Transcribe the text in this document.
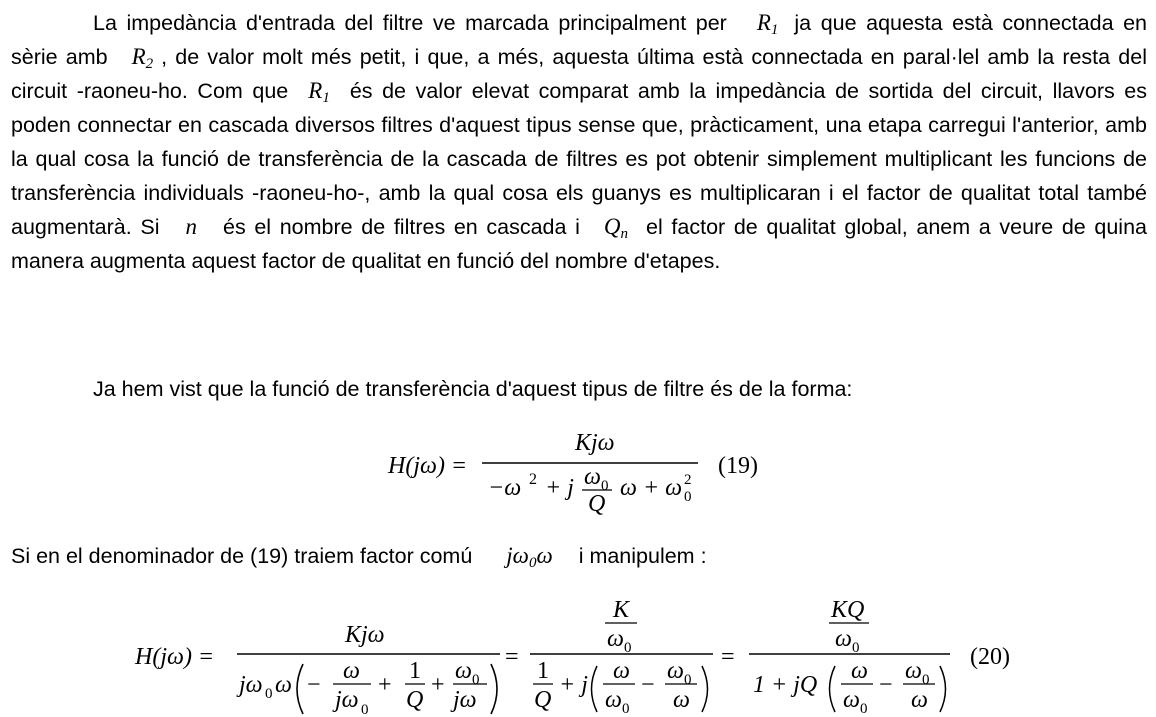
La impedància d'entrada del filtre ve marcada principalment per $R_1$ ja que aquesta està connectada en sèrie amb $R_2$ , de valor molt més petit, i que, a més, aquesta última està connectada en paral·lel amb la resta del circuit -raoneu-ho. Com que $R_1$ és de valor elevat comparat amb la impedància de sortida del circuit, llavors es poden connectar en cascada diversos filtres d'aquest tipus sense que, pràcticament, una etapa carregui l'anterior, amb la qual cosa la funció de transferència de la cascada de filtres es pot obtenir simplement multiplicant les funcions de transferència individuals -raoneu-ho-, amb la qual cosa els guanys es multiplicaran i el factor de qualitat total també augmentarà. Si n és el nombre de filtres en cascada i $Q_n$ el factor de qualitat global, anem a veure de quina manera augmenta aquest factor de qualitat en funció del nombre d'etapes.
Ja hem vist que la funció de transferència d'aquest tipus de filtre és de la forma:
H(jω) =
Kjω
−ω 2 + j ω 0
Q
ω + ω 0
2
(19)
Si en el denominador de (19) traiem factor comú $j\omega_0\omega$ i manipulem :
H(jω) =
Kjω
jω 0 ω −
ω
jω 0
+
1
Q
+
ω 0
jω
=
K
ω 0
1
Q
+ j
ω
ω 0
−
ω 0
ω
=
KQ
ω 0
1 + jQ
ω
ω 0
−
ω 0
ω
(20)
